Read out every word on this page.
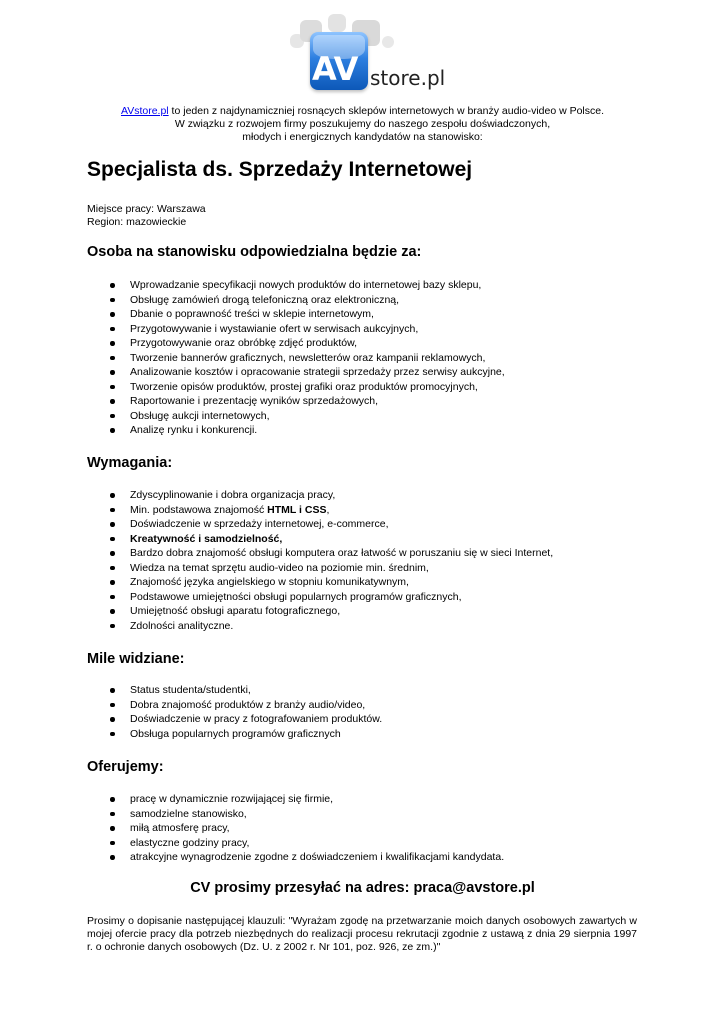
AV store.pl
AVstore.pl to jeden z najdynamiczniej rosnących sklepów internetowych w branży audio-video w Polsce.
W związku z rozwojem firmy poszukujemy do naszego zespołu doświadczonych,
młodych i energicznych kandydatów na stanowisko:
Specjalista ds. Sprzedaży Internetowej
Miejsce pracy: Warszawa
Region: mazowieckie
Osoba na stanowisku odpowiedzialna będzie za:
Wprowadzanie specyfikacji nowych produktów do internetowej bazy sklepu,
Obsługę zamówień drogą telefoniczną oraz elektroniczną,
Dbanie o poprawność treści w sklepie internetowym,
Przygotowywanie i wystawianie ofert w serwisach aukcyjnych,
Przygotowywanie oraz obróbkę zdjęć produktów,
Tworzenie bannerów graficznych, newsletterów oraz kampanii reklamowych,
Analizowanie kosztów i opracowanie strategii sprzedaży przez serwisy aukcyjne,
Tworzenie opisów produktów, prostej grafiki oraz produktów promocyjnych,
Raportowanie i prezentację wyników sprzedażowych,
Obsługę aukcji internetowych,
Analizę rynku i konkurencji.
Wymagania:
Zdyscyplinowanie i dobra organizacja pracy,
Min. podstawowa znajomość HTML i CSS,
Doświadczenie w sprzedaży internetowej, e-commerce,
Kreatywność i samodzielność,
Bardzo dobra znajomość obsługi komputera oraz łatwość w poruszaniu się w sieci Internet,
Wiedza na temat sprzętu audio-video na poziomie min. średnim,
Znajomość języka angielskiego w stopniu komunikatywnym,
Podstawowe umiejętności obsługi popularnych programów graficznych,
Umiejętność obsługi aparatu fotograficznego,
Zdolności analityczne.
Mile widziane:
Status studenta/studentki,
Dobra znajomość produktów z branży audio/video,
Doświadczenie w pracy z fotografowaniem produktów.
Obsługa popularnych programów graficznych
Oferujemy:
pracę w dynamicznie rozwijającej się firmie,
samodzielne stanowisko,
miłą atmosferę pracy,
elastyczne godziny pracy,
atrakcyjne wynagrodzenie zgodne z doświadczeniem i kwalifikacjami kandydata.
CV prosimy przesyłać na adres: praca@avstore.pl

Prosimy o dopisanie następującej klauzuli: "Wyrażam zgodę na przetwarzanie moich danych osobowych zawartych w mojej ofercie pracy dla potrzeb niezbędnych do realizacji procesu rekrutacji zgodnie z ustawą z dnia 29 sierpnia 1997 r. o ochronie danych osobowych (Dz. U. z 2002 r. Nr 101, poz. 926, ze zm.)"
